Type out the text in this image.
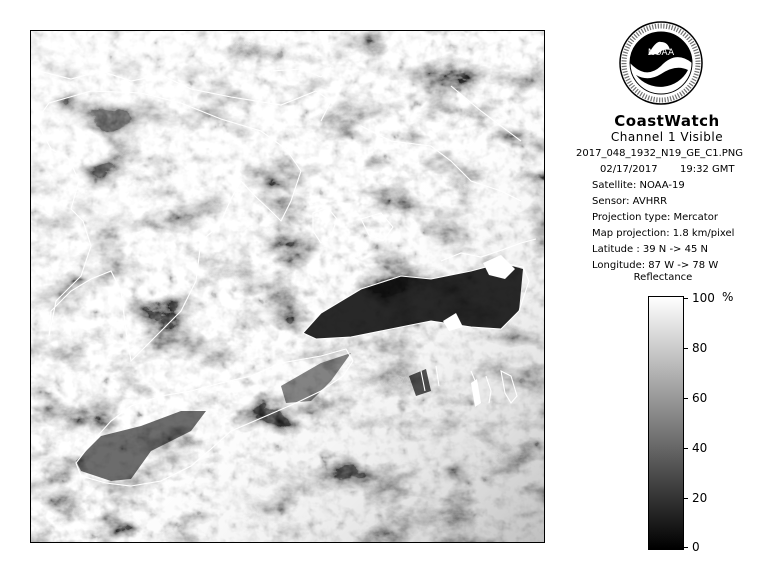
NOAA
CoastWatch
Channel 1 Visible
2017_048_1932_N19_GE_C1.PNG
02/17/2017 19:32 GMT
Satellite: NOAA-19
Sensor: AVHRR
Projection type: Mercator
Map projection: 1.8 km/pixel
Latitude : 39 N -> 45 N
Longitude: 87 W -> 78 W
Reflectance
%
100
80
60
40
20
0
